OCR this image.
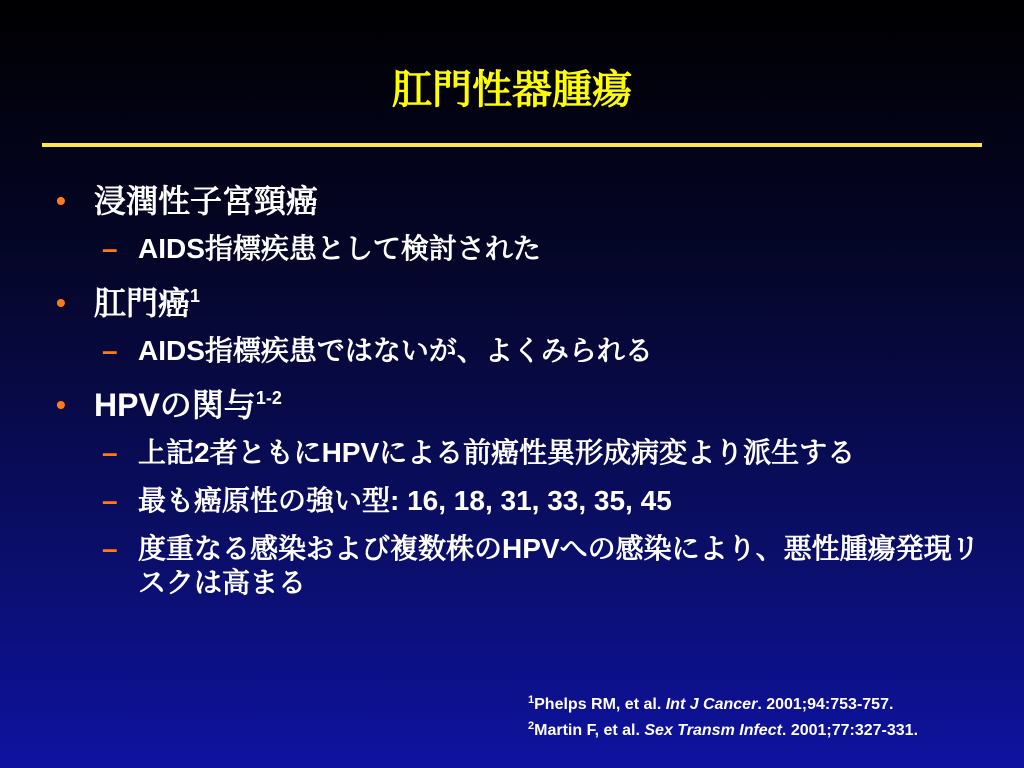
肛門性器腫瘍
• 浸潤性子宮頸癌
– AIDS指標疾患として検討された
• 肛門癌$^1$
– AIDS指標疾患ではないが、よくみられる
• HPVの関与$^{1-2}$
– 上記2者ともにHPVによる前癌性異形成病変より派生する
– 最も癌原性の強い型: 16, 18, 31, 33, 35, 45
– 度重なる感染および複数株のHPVへの感染により、悪性腫瘍発現リスクは高まる
$^1$Phelps RM, et al. Int J Cancer. 2001;94:753-757.
$^2$Martin F, et al. Sex Transm Infect. 2001;77:327-331.
